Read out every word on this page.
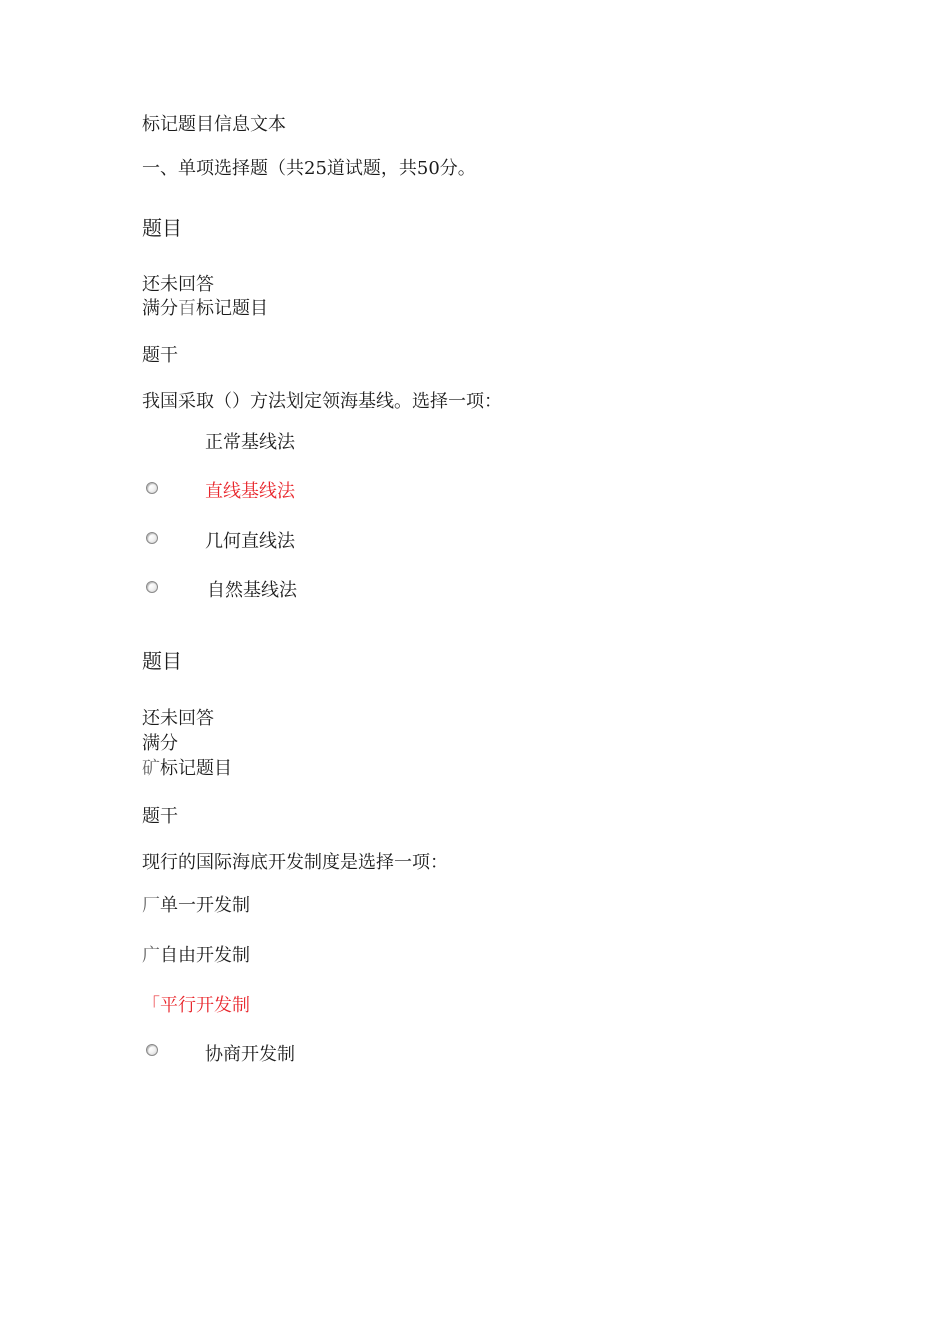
标记题目信息文本
一、单项选择题（共25道试题，共50分。
题目
还未回答
满分百标记题目
题干
我国采取（）方法划定领海基线。选择一项：
正常基线法
直线基线法
几何直线法
自然基线法
题目
还未回答
满分
矿标记题目
题干
现行的国际海底开发制度是选择一项：
厂单一开发制
广自由开发制
「平行开发制
协商开发制
